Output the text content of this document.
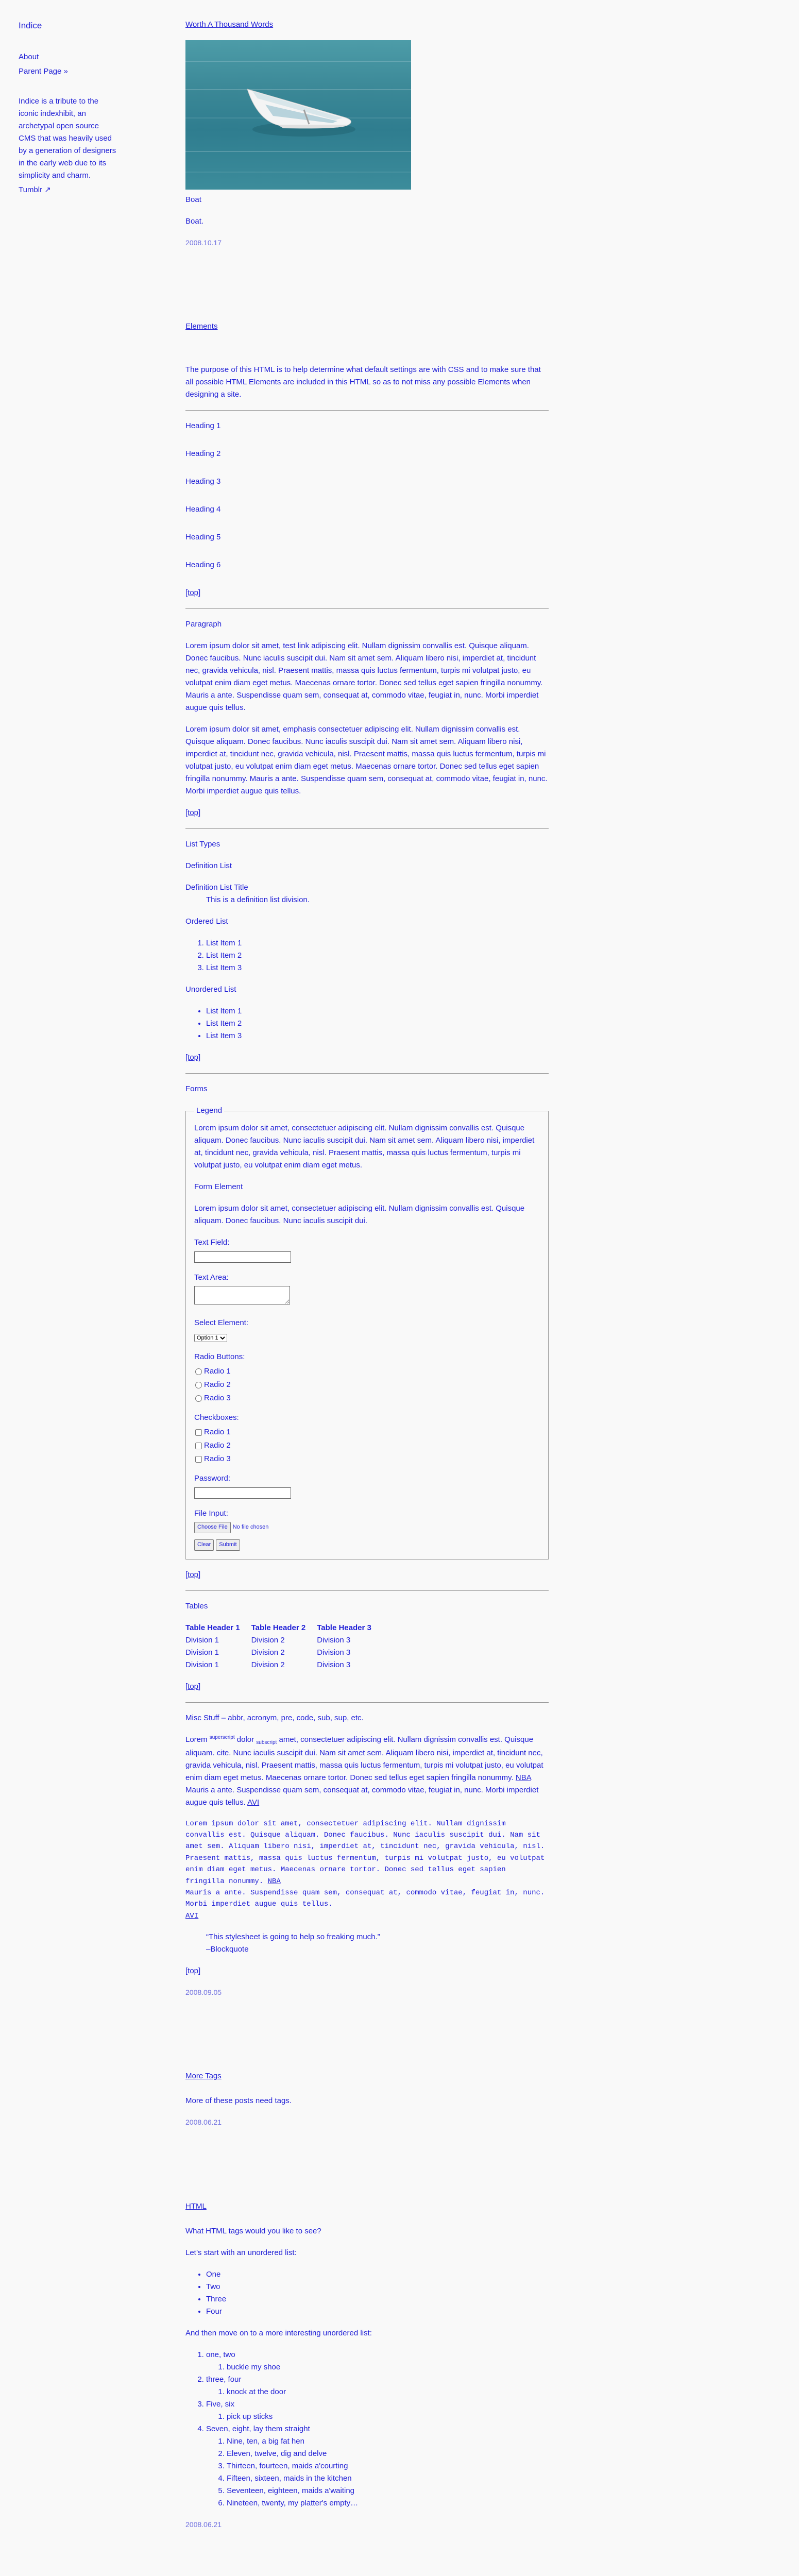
Indice
About
Parent Page »
Indice is a tribute to the iconic indexhibit, an archetypal open source CMS that was heavily used by a generation of designers in the early web due to its simplicity and charm.
Tumblr ↗
Worth A Thousand Words

Boat

Boat.

2008.10.17
Elements

The purpose of this HTML is to help determine what default settings are with CSS and to make sure that all possible HTML Elements are included in this HTML so as to not miss any possible Elements when designing a site.

Heading 1
Heading 2
Heading 3
Heading 4
Heading 5
Heading 6

[top]

Paragraph

Lorem ipsum dolor sit amet, test link adipiscing elit. Nullam dignissim convallis est. Quisque aliquam. Donec faucibus. Nunc iaculis suscipit dui. Nam sit amet sem. Aliquam libero nisi, imperdiet at, tincidunt nec, gravida vehicula, nisl. Praesent mattis, massa quis luctus fermentum, turpis mi volutpat justo, eu volutpat enim diam eget metus. Maecenas ornare tortor. Donec sed tellus eget sapien fringilla nonummy. Mauris a ante. Suspendisse quam sem, consequat at, commodo vitae, feugiat in, nunc. Morbi imperdiet augue quis tellus.

Lorem ipsum dolor sit amet, emphasis consectetuer adipiscing elit. Nullam dignissim convallis est. Quisque aliquam. Donec faucibus. Nunc iaculis suscipit dui. Nam sit amet sem. Aliquam libero nisi, imperdiet at, tincidunt nec, gravida vehicula, nisl. Praesent mattis, massa quis luctus fermentum, turpis mi volutpat justo, eu volutpat enim diam eget metus. Maecenas ornare tortor. Donec sed tellus eget sapien fringilla nonummy. Mauris a ante. Suspendisse quam sem, consequat at, commodo vitae, feugiat in, nunc. Morbi imperdiet augue quis tellus.

[top]

List Types

Definition List

Definition List Title
This is a definition list division.

Ordered List

1. List Item 1
2. List Item 2
3. List Item 3

Unordered List

• List Item 1
• List Item 2
• List Item 3

[top]

Forms

Legend

Lorem ipsum dolor sit amet, consectetuer adipiscing elit. Nullam dignissim convallis est. Quisque aliquam. Donec faucibus. Nunc iaculis suscipit dui. Nam sit amet sem. Aliquam libero nisi, imperdiet at, tincidunt nec, gravida vehicula, nisl. Praesent mattis, massa quis luctus fermentum, turpis mi volutpat justo, eu volutpat enim diam eget metus.

Form Element

Lorem ipsum dolor sit amet, consectetuer adipiscing elit. Nullam dignissim convallis est. Quisque aliquam. Donec faucibus. Nunc iaculis suscipit dui.

Text Field:
Text Area:
Select Element:
Option 1
Radio Buttons:
Radio 1
Radio 2
Radio 3
Checkboxes:
Radio 1
Radio 2
Radio 3
Password:
File Input:
Choose File No file chosen
Clear	Submit

[top]

Tables

Table Header 1	Table Header 2	Table Header 3
Division 1	Division 2	Division 3
Division 1	Division 2	Division 3
Division 1	Division 2	Division 3

[top]

Misc Stuff – abbr, acronym, pre, code, sub, sup, etc.

Lorem $^{superscript}$ dolor $_{subscript}$ amet, consectetuer adipiscing elit. Nullam dignissim convallis est. Quisque aliquam. cite. Nunc iaculis suscipit dui. Nam sit amet sem. Aliquam libero nisi, imperdiet at, tincidunt nec, gravida vehicula, nisl. Praesent mattis, massa quis luctus fermentum, turpis mi volutpat justo, eu volutpat enim diam eget metus. Maecenas ornare tortor. Donec sed tellus eget sapien fringilla nonummy. NBA Mauris a ante. Suspendisse quam sem, consequat at, commodo vitae, feugiat in, nunc. Morbi imperdiet augue quis tellus. AVI

Lorem ipsum dolor sit amet, consectetuer adipiscing elit. Nullam dignissim convallis est. Quisque aliquam. Donec faucibus. Nunc iaculis suscipit dui. Nam sit amet sem. Aliquam libero nisi, imperdiet at, tincidunt nec, gravida vehicula, nisl. Praesent mattis, massa quis luctus fermentum, turpis mi volutpat justo, eu volutpat enim diam eget metus. Maecenas ornare tortor. Donec sed tellus eget sapien fringilla nonummy. NBA
Mauris a ante. Suspendisse quam sem, consequat at, commodo vitae, feugiat in, nunc. Morbi imperdiet augue quis tellus.
AVI
“This stylesheet is going to help so freaking much.”
–Blockquote

[top]

2008.09.05
More Tags

More of these posts need tags.

2008.06.21
HTML

What HTML tags would you like to see?

Let’s start with an unordered list:

• One
• Two
• Three
• Four

And then move on to a more interesting unordered list:

1. one, two
1. buckle my shoe
2. three, four
1. knock at the door
3. Five, six
1. pick up sticks
4. Seven, eight, lay them straight
1. Nine, ten, a big fat hen
2. Eleven, twelve, dig and delve
3. Thirteen, fourteen, maids a'courting
4. Fifteen, sixteen, maids in the kitchen
5. Seventeen, eighteen, maids a'waiting
6. Nineteen, twenty, my platter's empty…
2008.06.21
